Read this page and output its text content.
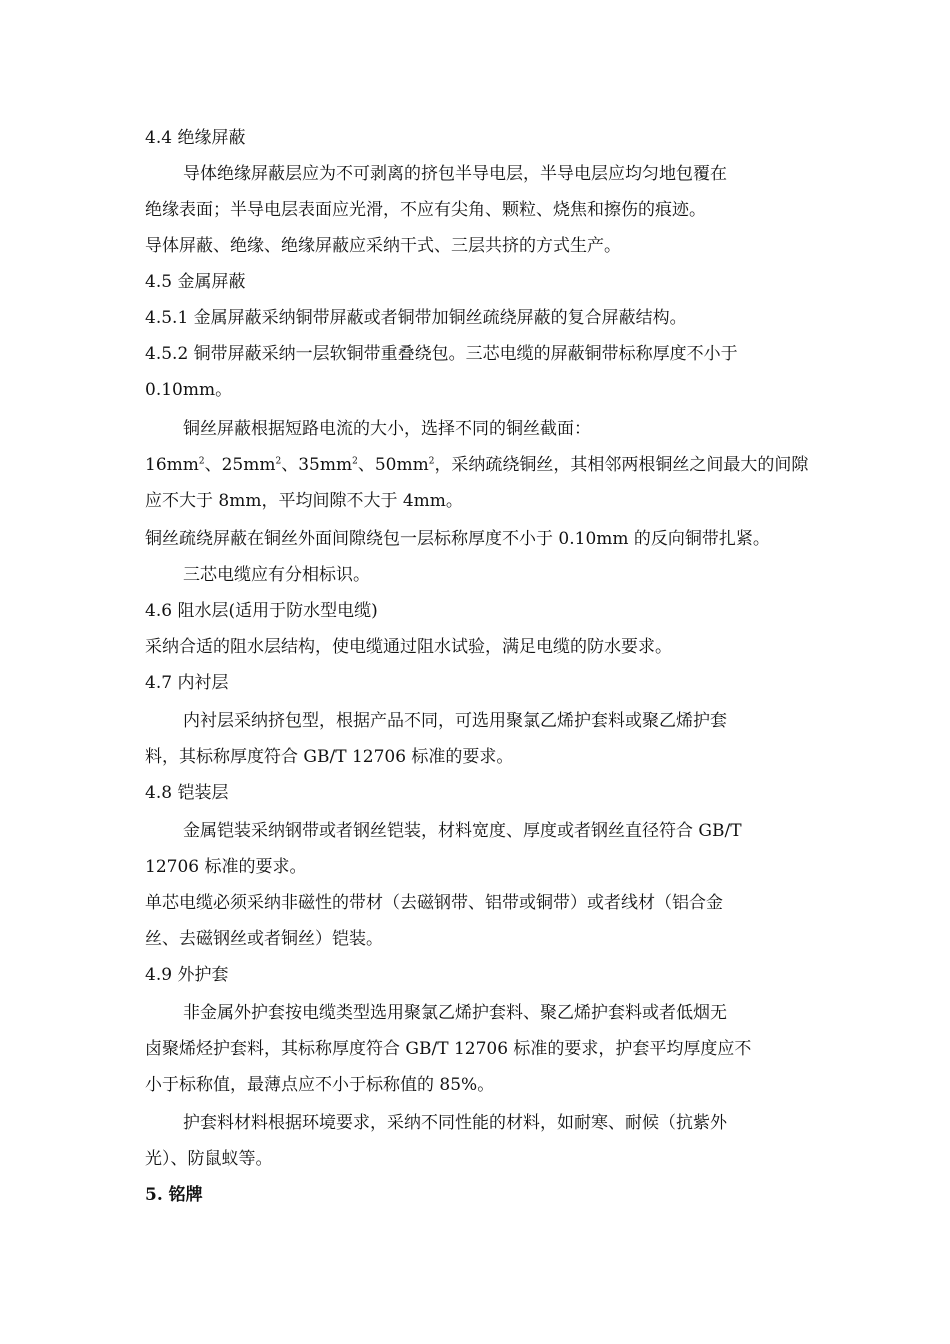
4.4 绝缘屏蔽
导体绝缘屏蔽层应为不可剥离的挤包半导电层，半导电层应均匀地包覆在
绝缘表面；半导电层表面应光滑，不应有尖角、颗粒、烧焦和擦伤的痕迹。
导体屏蔽、绝缘、绝缘屏蔽应采纳干式、三层共挤的方式生产。
4.5 金属屏蔽
4.5.1 金属屏蔽采纳铜带屏蔽或者铜带加铜丝疏绕屏蔽的复合屏蔽结构。
4.5.2 铜带屏蔽采纳一层软铜带重叠绕包。三芯电缆的屏蔽铜带标称厚度不小于
0.10mm。
铜丝屏蔽根据短路电流的大小，选择不同的铜丝截面：
$16mm^2$、$25mm^2$、$35mm^2$、$50mm^2$，采纳疏绕铜丝，其相邻两根铜丝之间最大的间隙
应不大于 8mm，平均间隙不大于 4mm。
铜丝疏绕屏蔽在铜丝外面间隙绕包一层标称厚度不小于 0.10mm 的反向铜带扎紧。
三芯电缆应有分相标识。
4.6 阻水层(适用于防水型电缆)
采纳合适的阻水层结构，使电缆通过阻水试验，满足电缆的防水要求。
4.7 内衬层
内衬层采纳挤包型，根据产品不同，可选用聚氯乙烯护套料或聚乙烯护套
料，其标称厚度符合 GB/T 12706 标准的要求。
4.8 铠装层
金属铠装采纳钢带或者钢丝铠装，材料宽度、厚度或者钢丝直径符合 GB/T
12706 标准的要求。
单芯电缆必须采纳非磁性的带材（去磁钢带、铝带或铜带）或者线材（铝合金
丝、去磁钢丝或者铜丝）铠装。
4.9 外护套
非金属外护套按电缆类型选用聚氯乙烯护套料、聚乙烯护套料或者低烟无
卤聚烯烃护套料，其标称厚度符合 GB/T 12706 标准的要求，护套平均厚度应不
小于标称值，最薄点应不小于标称值的 85%。
护套料材料根据环境要求，采纳不同性能的材料，如耐寒、耐候（抗紫外
光）、防鼠蚁等。
5. 铭牌
